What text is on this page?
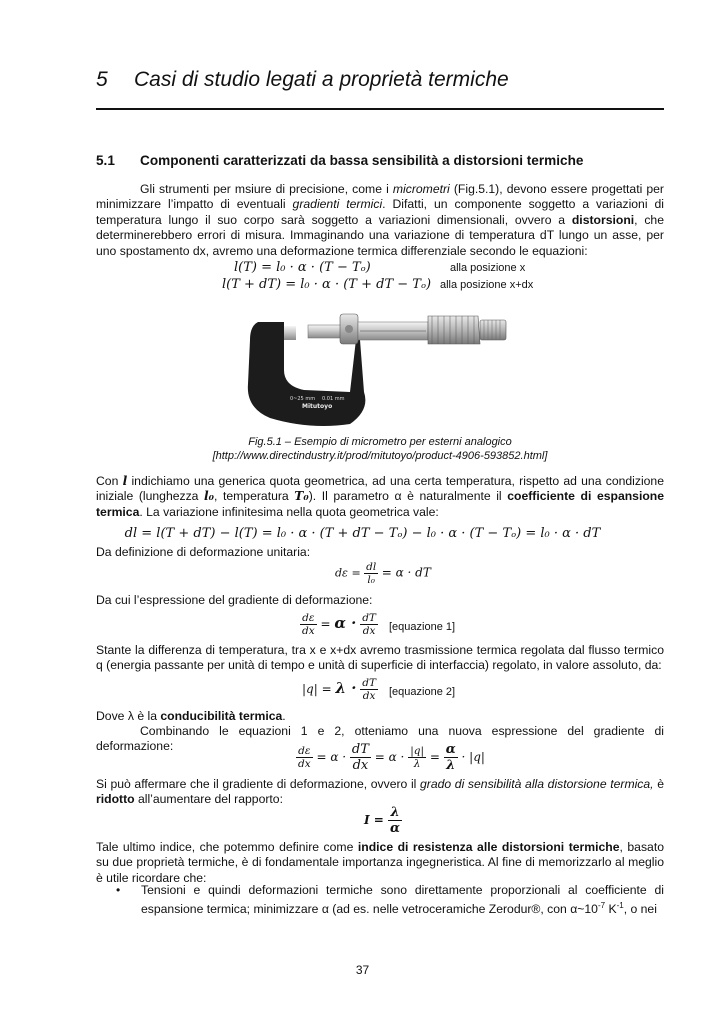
5 Casi di studio legati a proprietà termiche
5.1 Componenti caratterizzati da bassa sensibilità a distorsioni termiche
Gli strumenti per msiure di precisione, come i micrometri (Fig.5.1), devono essere progettati per minimizzare l’impatto di eventuali gradienti termici. Difatti, un componente soggetto a variazioni di temperatura lungo il suo corpo sarà soggetto a variazioni dimensionali, ovvero a distorsioni, che determinerebbero errori di misura. Immaginando una variazione di temperatura dT lungo un asse, per uno spostamento dx, avremo una deformazione termica differenziale secondo le equazioni:
l(T) = l₀ · α · (T − Tₒ)	alla posizione x
l(T + dT) = l₀ · α · (T + dT − Tₒ) alla posizione x+dx
0~25 mm 0.01 mm
Mitutoyo
Fig.5.1 – Esempio di micrometro per esterni analogico
[http://www.directindustry.it/prod/mitutoyo/product-4906-593852.html]
Con l indichiamo una generica quota geometrica, ad una certa temperatura, rispetto ad una condizione iniziale (lunghezza l₀, temperatura T₀). Il parametro α è naturalmente il coefficiente di espansione termica. La variazione infinitesima nella quota geometrica vale:
dl = l(T + dT) − l(T) = l₀ · α · (T + dT − Tₒ) − l₀ · α · (T − Tₒ) = l₀ · α · dT
Da definizione di deformazione unitaria:
$d\varepsilon = \frac{dl}{\text{l₀}} = \alpha$ · dT
Da cui l’espressione del gradiente di deformazione:
$\frac{d\varepsilon}{dx} = \alpha \cdot \frac{dT}{dx}$ [equazione 1]
Stante la differenza di temperatura, tra x e x+dx avremo trasmissione termica regolata dal flusso termico q (energia passante per unità di tempo e unità di superficie di interfaccia) regolato, in valore assoluto, da:
$|q| = \lambda \cdot \frac{dT}{dx}$ [equazione 2]
Dove λ è la conducibilità termica.
Combinando le equazioni 1 e 2, otteniamo una nuova espressione del gradiente di deformazione:	$\frac{d\varepsilon}{dx} = \alpha \cdot \frac{dT}{dx} = \alpha \cdot \frac{|q|}{\lambda} = \frac{\alpha}{\lambda} \cdot |q|$
Si può affermare che il gradiente di deformazione, ovvero il grado di sensibilità alla distorsione termica, è ridotto all’aumentare del rapporto:
$I = \frac{\lambda}{\alpha}$
Tale ultimo indice, che potemmo definire come indice di resistenza alle distorsioni termiche, basato su due proprietà termiche, è di fondamentale importanza ingegneristica. Al fine di memorizzarlo al meglio è utile ricordare che:
• Tensioni e quindi deformazioni termiche sono direttamente proporzionali al coefficiente di espansione termica; minimizzare α (ad es. nelle vetroceramiche Zerodur®, con $\alpha\sim 10^{-7}$ $K^{-1}$, o nei
37
